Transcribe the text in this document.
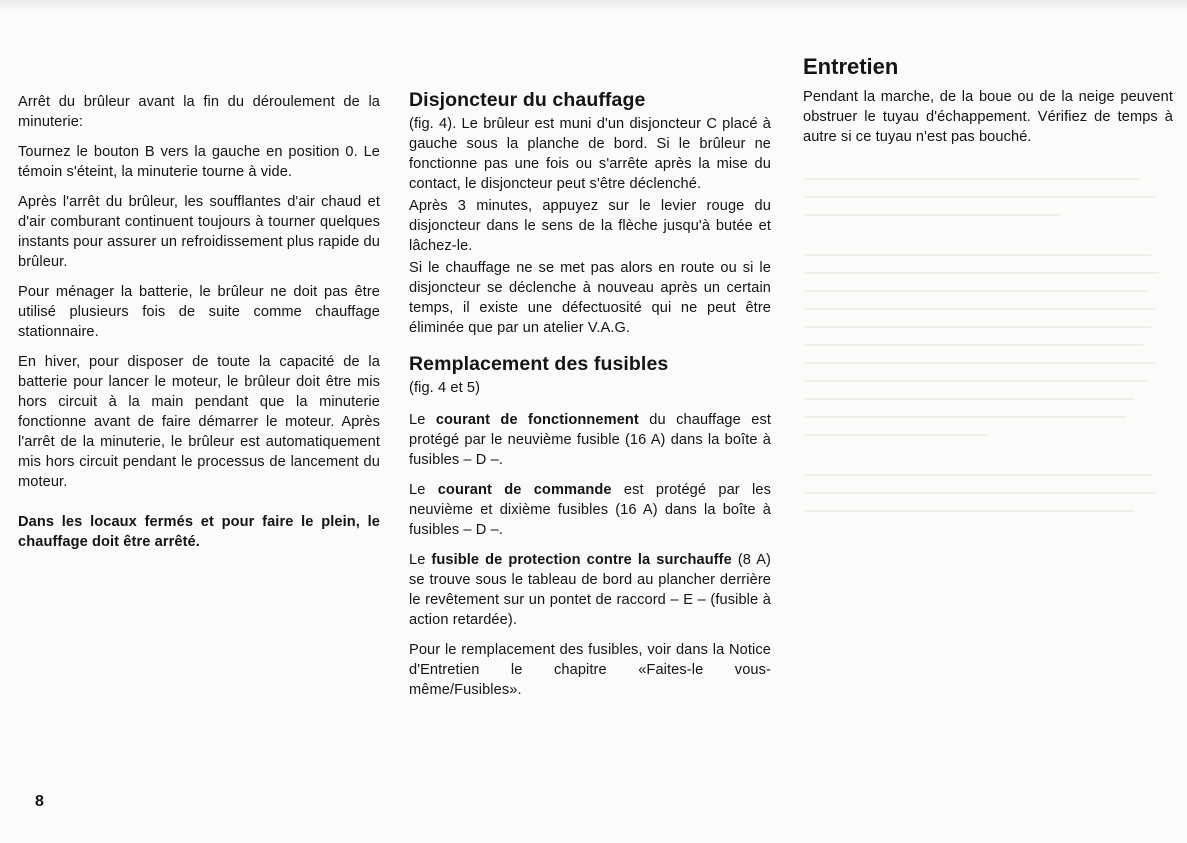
Arrêt du brûleur avant la fin du déroulement de la minuterie:

Tournez le bouton B vers la gauche en position 0. Le témoin s'éteint, la minuterie tourne à vide.

Après l'arrêt du brûleur, les soufflantes d'air chaud et d'air comburant continuent toujours à tourner quelques instants pour assurer un refroidissement plus rapide du brûleur.

Pour ménager la batterie, le brûleur ne doit pas être utilisé plusieurs fois de suite comme chauffage stationnaire.

En hiver, pour disposer de toute la capacité de la batterie pour lancer le moteur, le brûleur doit être mis hors circuit à la main pendant que la minuterie fonctionne avant de faire démarrer le moteur. Après l'arrêt de la minuterie, le brûleur est automatiquement mis hors circuit pendant le processus de lancement du moteur.

Dans les locaux fermés et pour faire le plein, le chauffage doit être arrêté.

Disjoncteur du chauffage

(fig. 4). Le brûleur est muni d'un disjoncteur C placé à gauche sous la planche de bord. Si le brûleur ne fonctionne pas une fois ou s'arrête après la mise du contact, le disjoncteur peut s'être déclenché.

Après 3 minutes, appuyez sur le levier rouge du disjoncteur dans le sens de la flèche jusqu'à butée et lâchez-le.

Si le chauffage ne se met pas alors en route ou si le disjoncteur se déclenche à nouveau après un certain temps, il existe une défectuosité qui ne peut être éliminée que par un atelier V.A.G.

Remplacement des fusibles

(fig. 4 et 5)

Le courant de fonctionnement du chauffage est protégé par le neuvième fusible (16 A) dans la boîte à fusibles – D –.

Le courant de commande est protégé par les neuvième et dixième fusibles (16 A) dans la boîte à fusibles – D –.

Le fusible de protection contre la surchauffe (8 A) se trouve sous le tableau de bord au plancher derrière le revêtement sur un pontet de raccord – E – (fusible à action retardée).

Pour le remplacement des fusibles, voir dans la Notice d'Entretien le chapitre «Faites-le vous-même/Fusibles».

Entretien

Pendant la marche, de la boue ou de la neige peuvent obstruer le tuyau d'échappement. Vérifiez de temps à autre si ce tuyau n'est pas bouché.

8
